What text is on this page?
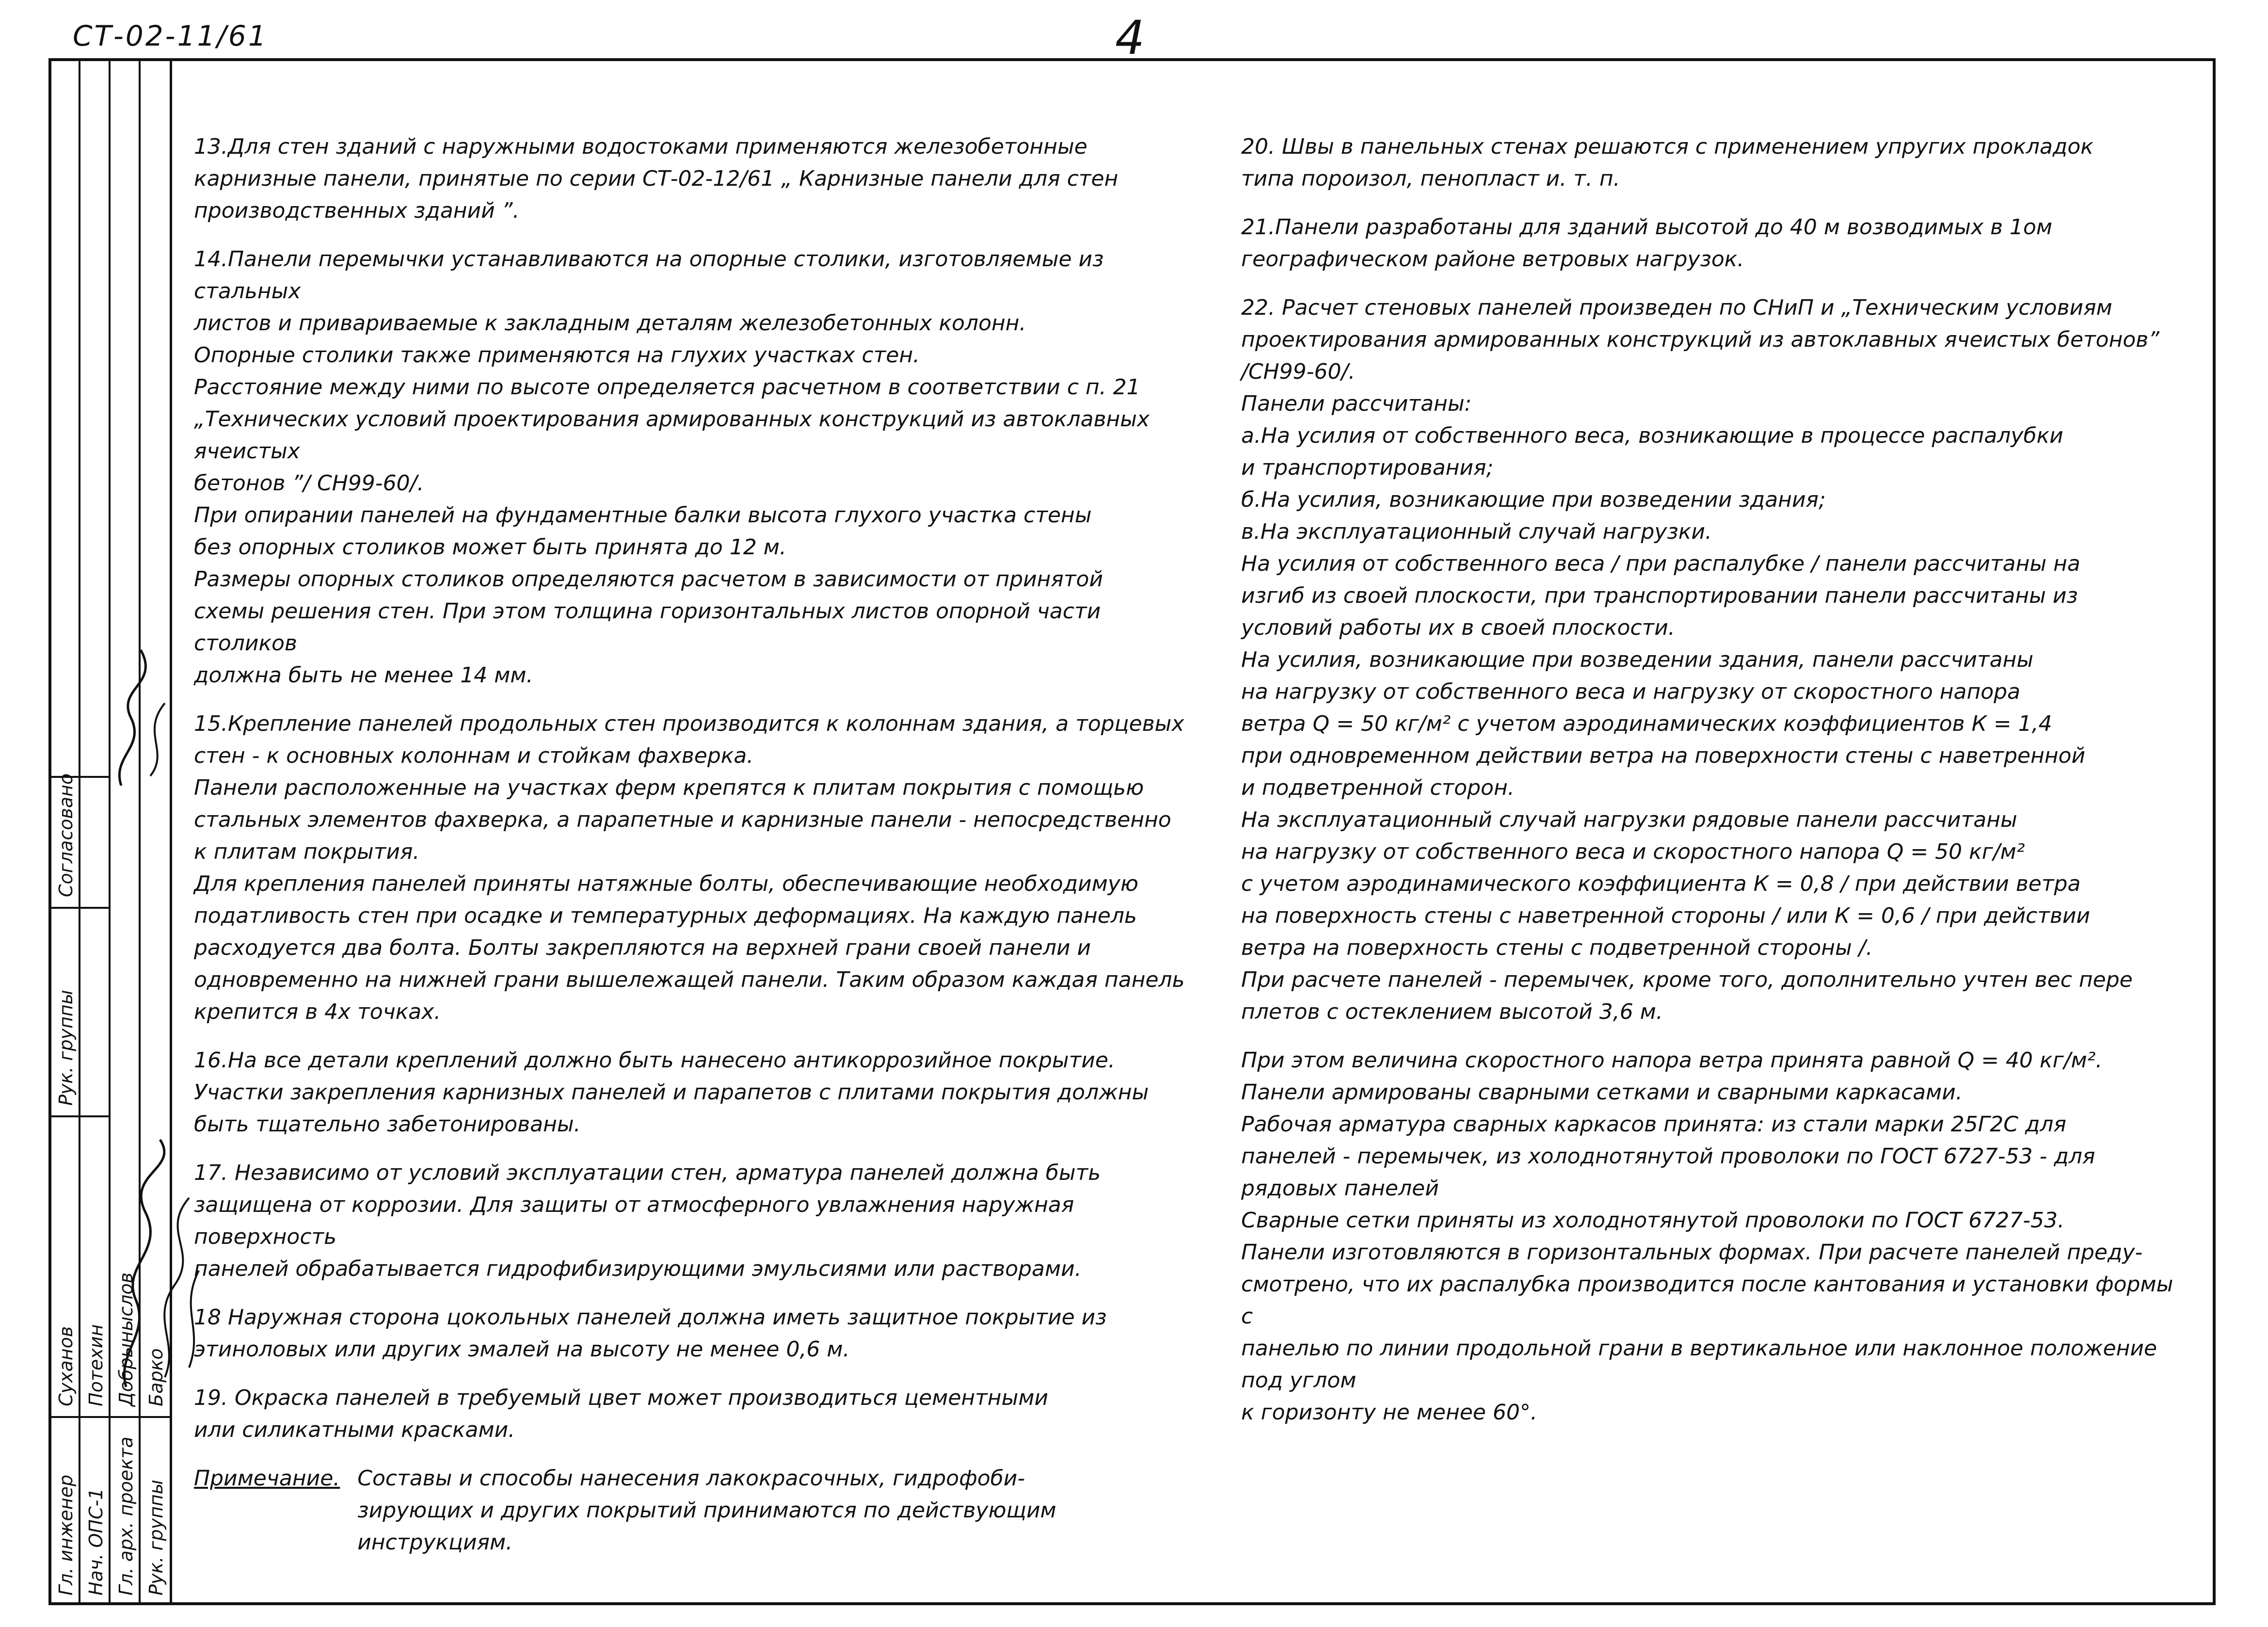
СТ-02-11/61	4
Гл. инженер Нач. ОПС-1 Гл. арх. проекта Рук. группы
Суханов Потехин Добрыныслов Барко
Рук. группы
Согласовано

13.Для стен зданий с наружными водостоками применяются железобетонные
карнизные панели, принятые по серии СТ-02-12/61 „ Карнизные панели для стен
производственных зданий ”.

14.Панели перемычки устанавливаются на опорные столики, изготовляемые из стальных
листов и привариваемые к закладным деталям железобетонных колонн.
Опорные столики также применяются на глухих участках стен.
Расстояние между ними по высоте определяется расчетном в соответствии с п. 21
„Технических условий проектирования армированных конструкций из автоклавных ячеистых
бетонов ”/ СН99-60/.
При опирании панелей на фундаментные балки высота глухого участка стены
без опорных столиков может быть принята до 12 м.
Размеры опорных столиков определяются расчетом в зависимости от принятой
схемы решения стен. При этом толщина горизонтальных листов опорной части столиков
должна быть не менее 14 мм.

15.Крепление панелей продольных стен производится к колоннам здания, а торцевых
стен - к основных колоннам и стойкам фахверка.
Панели расположенные на участках ферм крепятся к плитам покрытия с помощью
стальных элементов фахверка, а парапетные и карнизные панели - непосредственно
к плитам покрытия.
Для крепления панелей приняты натяжные болты, обеспечивающие необходимую
податливость стен при осадке и температурных деформациях. На каждую панель
расходуется два болта. Болты закрепляются на верхней грани своей панели и
одновременно на нижней грани вышележащей панели. Таким образом каждая панель
крепится в 4х точках.

16.На все детали креплений должно быть нанесено антикоррозийное покрытие.
Участки закрепления карнизных панелей и парапетов с плитами покрытия должны
быть тщательно забетонированы.

17. Независимо от условий эксплуатации стен, арматура панелей должна быть
защищена от коррозии. Для защиты от атмосферного увлажнения наружная поверхность
панелей обрабатывается гидрофибизирующими эмульсиями или растворами.

18 Наружная сторона цокольных панелей должна иметь защитное покрытие из
этиноловых или других эмалей на высоту не менее 0,6 м.

19. Окраска панелей в требуемый цвет может производиться цементными
или силикатными красками.

Примечание. Составы и способы нанесения лакокрасочных, гидрофоби-
зирующих и других покрытий принимаются по действующим
инструкциям.

20. Швы в панельных стенах решаются с применением упругих прокладок
типа пороизол, пенопласт и. т. п.

21.Панели разработаны для зданий высотой до 40 м возводимых в 1ом географическом районе ветровых нагрузок.

22. Расчет стеновых панелей произведен по СНиП и „Техническим условиям
проектирования армированных конструкций из автоклавных ячеистых бетонов”
/СН99-60/.
Панели рассчитаны:
а.На усилия от собственного веса, возникающие в процессе распалубки
и транспортирования;
б.На усилия, возникающие при возведении здания;
в.На эксплуатационный случай нагрузки.
На усилия от собственного веса / при распалубке / панели рассчитаны на
изгиб из своей плоскости, при транспортировании панели рассчитаны из
условий работы их в своей плоскости.
На усилия, возникающие при возведении здания, панели рассчитаны
на нагрузку от собственного веса и нагрузку от скоростного напора
ветра Q = 50 кг/м² с учетом аэродинамических коэффициентов К = 1,4
при одновременном действии ветра на поверхности стены с наветренной
и подветренной сторон.
На эксплуатационный случай нагрузки рядовые панели рассчитаны
на нагрузку от собственного веса и скоростного напора Q = 50 кг/м²
с учетом аэродинамического коэффициента К = 0,8 / при действии ветра
на поверхность стены с наветренной стороны / или К = 0,6 / при действии
ветра на поверхность стены с подветренной стороны /.
При расчете панелей - перемычек, кроме того, дополнительно учтен вес пере
плетов с остеклением высотой 3,6 м.

При этом величина скоростного напора ветра принята равной Q = 40 кг/м².
Панели армированы сварными сетками и сварными каркасами.
Рабочая арматура сварных каркасов принята: из стали марки 25Г2С для
панелей - перемычек, из холоднотянутой проволоки по ГОСТ 6727-53 - для рядовых панелей
Сварные сетки приняты из холоднотянутой проволоки по ГОСТ 6727-53.
Панели изготовляются в горизонтальных формах. При расчете панелей преду-
смотрено, что их распалубка производится после кантования и установки формы с
панелью по линии продольной грани в вертикальное или наклонное положение под углом
к горизонту не менее 60°.
